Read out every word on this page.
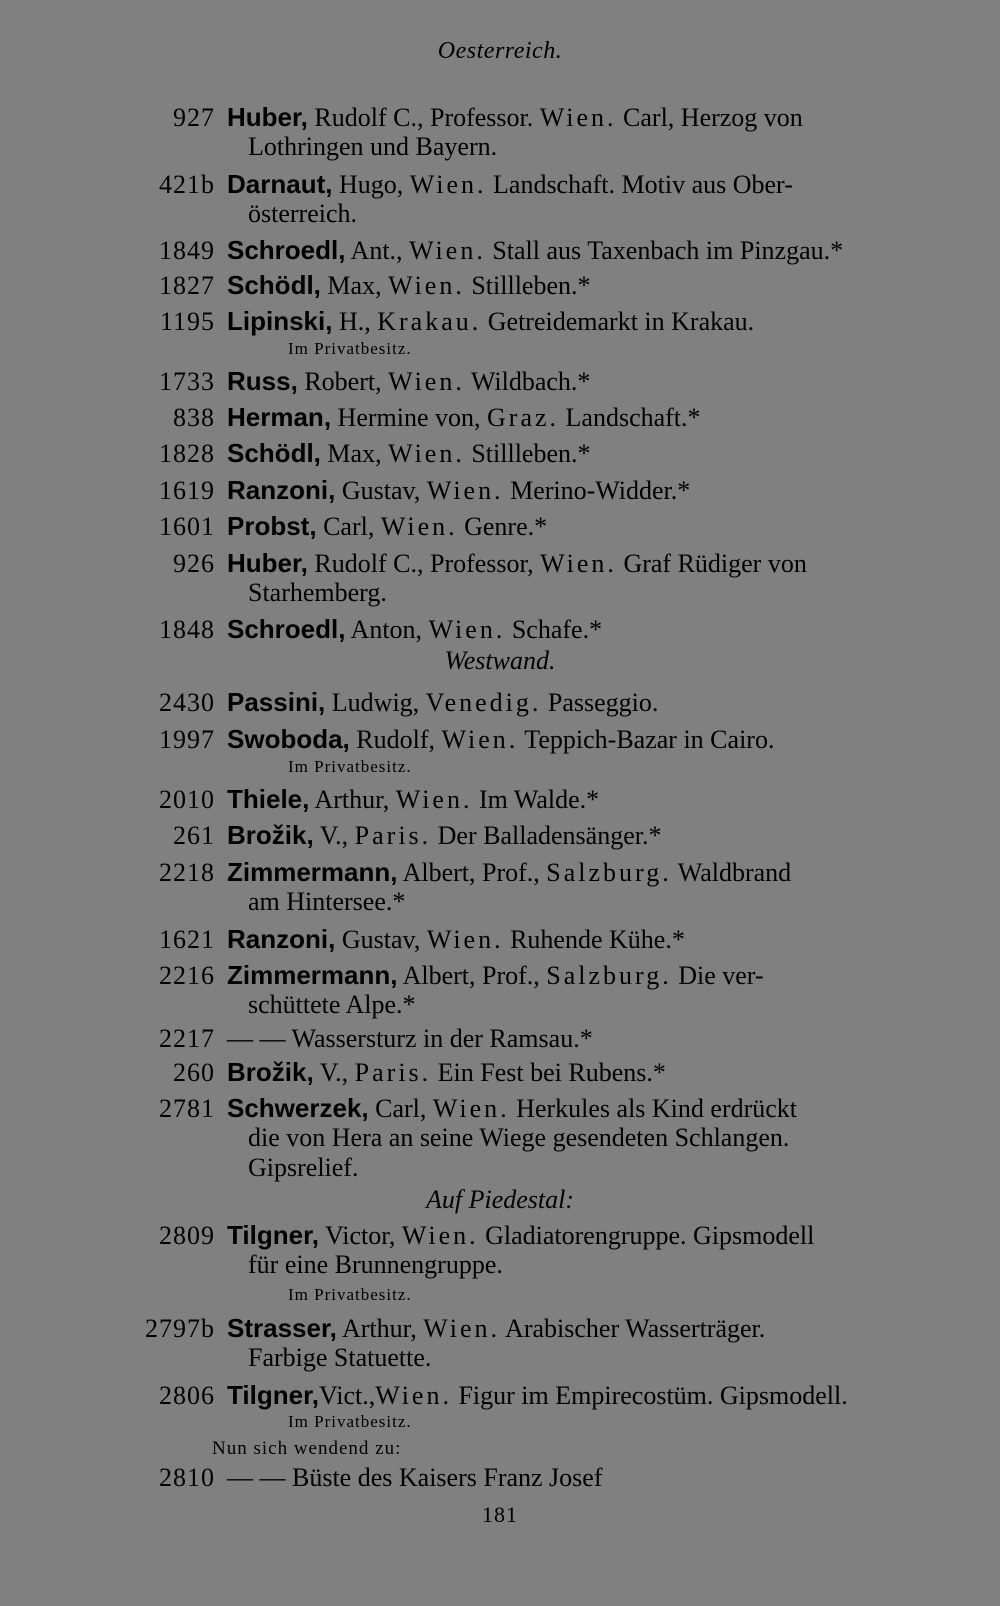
Oesterreich.
927 Huber, Rudolf C., Professor. Wien. Carl, Herzog von
Lothringen und Bayern.
421b Darnaut, Hugo, Wien. Landschaft. Motiv aus Ober-
österreich.
1849 Schroedl, Ant., Wien. Stall aus Taxenbach im Pinzgau.*
1827 Schödl, Max, Wien. Stillleben.*
1195 Lipinski, H., Krakau. Getreidemarkt in Krakau.
Im Privatbesitz.
1733 Russ, Robert, Wien. Wildbach.*
838 Herman, Hermine von, Graz. Landschaft.*
1828 Schödl, Max, Wien. Stillleben.*
1619 Ranzoni, Gustav, Wien. Merino-Widder.*
1601 Probst, Carl, Wien. Genre.*
926 Huber, Rudolf C., Professor, Wien. Graf Rüdiger von
Starhemberg.
1848 Schroedl, Anton, Wien. Schafe.*
Westwand.
2430 Passini, Ludwig, Venedig. Passeggio.
1997 Swoboda, Rudolf, Wien. Teppich-Bazar in Cairo.
Im Privatbesitz.
2010 Thiele, Arthur, Wien. Im Walde.*
261 Brožik, V., Paris. Der Balladensänger.*
2218 Zimmermann, Albert, Prof., Salzburg. Waldbrand
am Hintersee.*
1621 Ranzoni, Gustav, Wien. Ruhende Kühe.*
2216 Zimmermann, Albert, Prof., Salzburg. Die ver-
schüttete Alpe.*
2217 — — Wassersturz in der Ramsau.*
260 Brožik, V., Paris. Ein Fest bei Rubens.*
2781 Schwerzek, Carl, Wien. Herkules als Kind erdrückt
die von Hera an seine Wiege gesendeten Schlangen.
Gipsrelief.
Auf Piedestal:
2809 Tilgner, Victor, Wien. Gladiatorengruppe. Gipsmodell
für eine Brunnengruppe.
Im Privatbesitz.
2797b Strasser, Arthur, Wien. Arabischer Wasserträger.
Farbige Statuette.
2806 Tilgner,Vict.,Wien. Figur im Empirecostüm. Gipsmodell.
Im Privatbesitz.
Nun sich wendend zu:
2810 — — Büste des Kaisers Franz Josef
181
